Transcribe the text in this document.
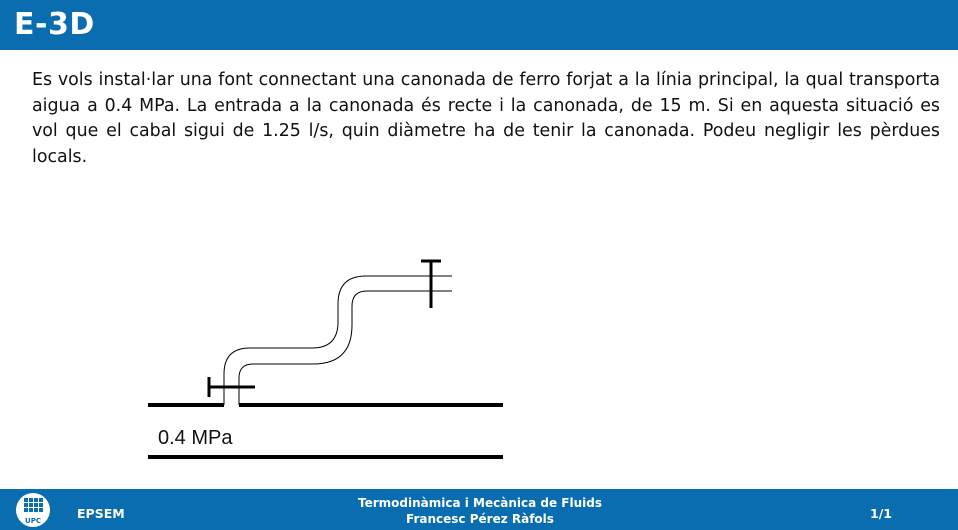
E-3D
Es vols instal·lar una font connectant una canonada de ferro forjat a la línia principal, la qual transporta aigua a 0.4 MPa. La entrada a la canonada és recte i la canonada, de 15 m. Si en aquesta situació es vol que el cabal sigui de 1.25 l/s, quin diàmetre ha de tenir la canonada. Podeu negligir les pèrdues locals.
0.4 MPa
UPC	EPSEM
Termodinàmica i Mecànica de Fluids
Francesc Pérez Ràfols	1/1
